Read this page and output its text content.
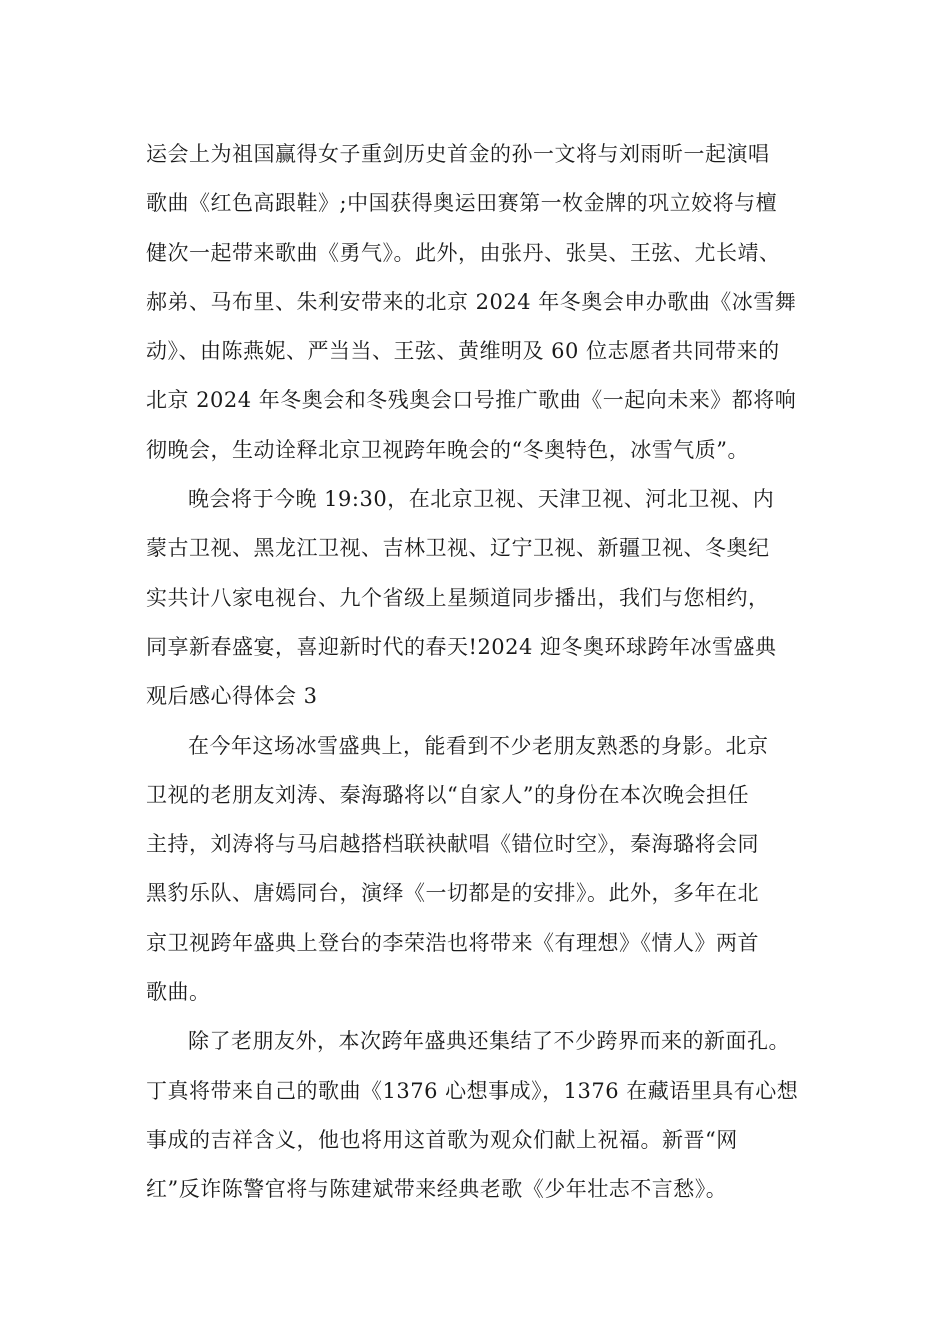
运会上为祖国赢得女子重剑历史首金的孙一文将与刘雨昕一起演唱
歌曲《红色高跟鞋》;中国获得奥运田赛第一枚金牌的巩立姣将与檀
健次一起带来歌曲《勇气》。此外，由张丹、张昊、王弦、尤长靖、
郝弟、马布里、朱利安带来的北京 2024 年冬奥会申办歌曲《冰雪舞
动》、由陈燕妮、严当当、王弦、黄维明及 60 位志愿者共同带来的
北京 2024 年冬奥会和冬残奥会口号推广歌曲《一起向未来》都将响
彻晚会，生动诠释北京卫视跨年晚会的“冬奥特色，冰雪气质”。

晚会将于今晚 19:30，在北京卫视、天津卫视、河北卫视、内
蒙古卫视、黑龙江卫视、吉林卫视、辽宁卫视、新疆卫视、冬奥纪
实共计八家电视台、九个省级上星频道同步播出，我们与您相约，
同享新春盛宴，喜迎新时代的春天!2024 迎冬奥环球跨年冰雪盛典
观后感心得体会 3

在今年这场冰雪盛典上，能看到不少老朋友熟悉的身影。北京
卫视的老朋友刘涛、秦海璐将以“自家人”的身份在本次晚会担任
主持，刘涛将与马启越搭档联袂献唱《错位时空》，秦海璐将会同
黑豹乐队、唐嫣同台，演绎《一切都是的安排》。此外，多年在北
京卫视跨年盛典上登台的李荣浩也将带来《有理想》《情人》两首
歌曲。

除了老朋友外，本次跨年盛典还集结了不少跨界而来的新面孔。
丁真将带来自己的歌曲《1376 心想事成》，1376 在藏语里具有心想
事成的吉祥含义，他也将用这首歌为观众们献上祝福。新晋“网
红”反诈陈警官将与陈建斌带来经典老歌《少年壮志不言愁》。
